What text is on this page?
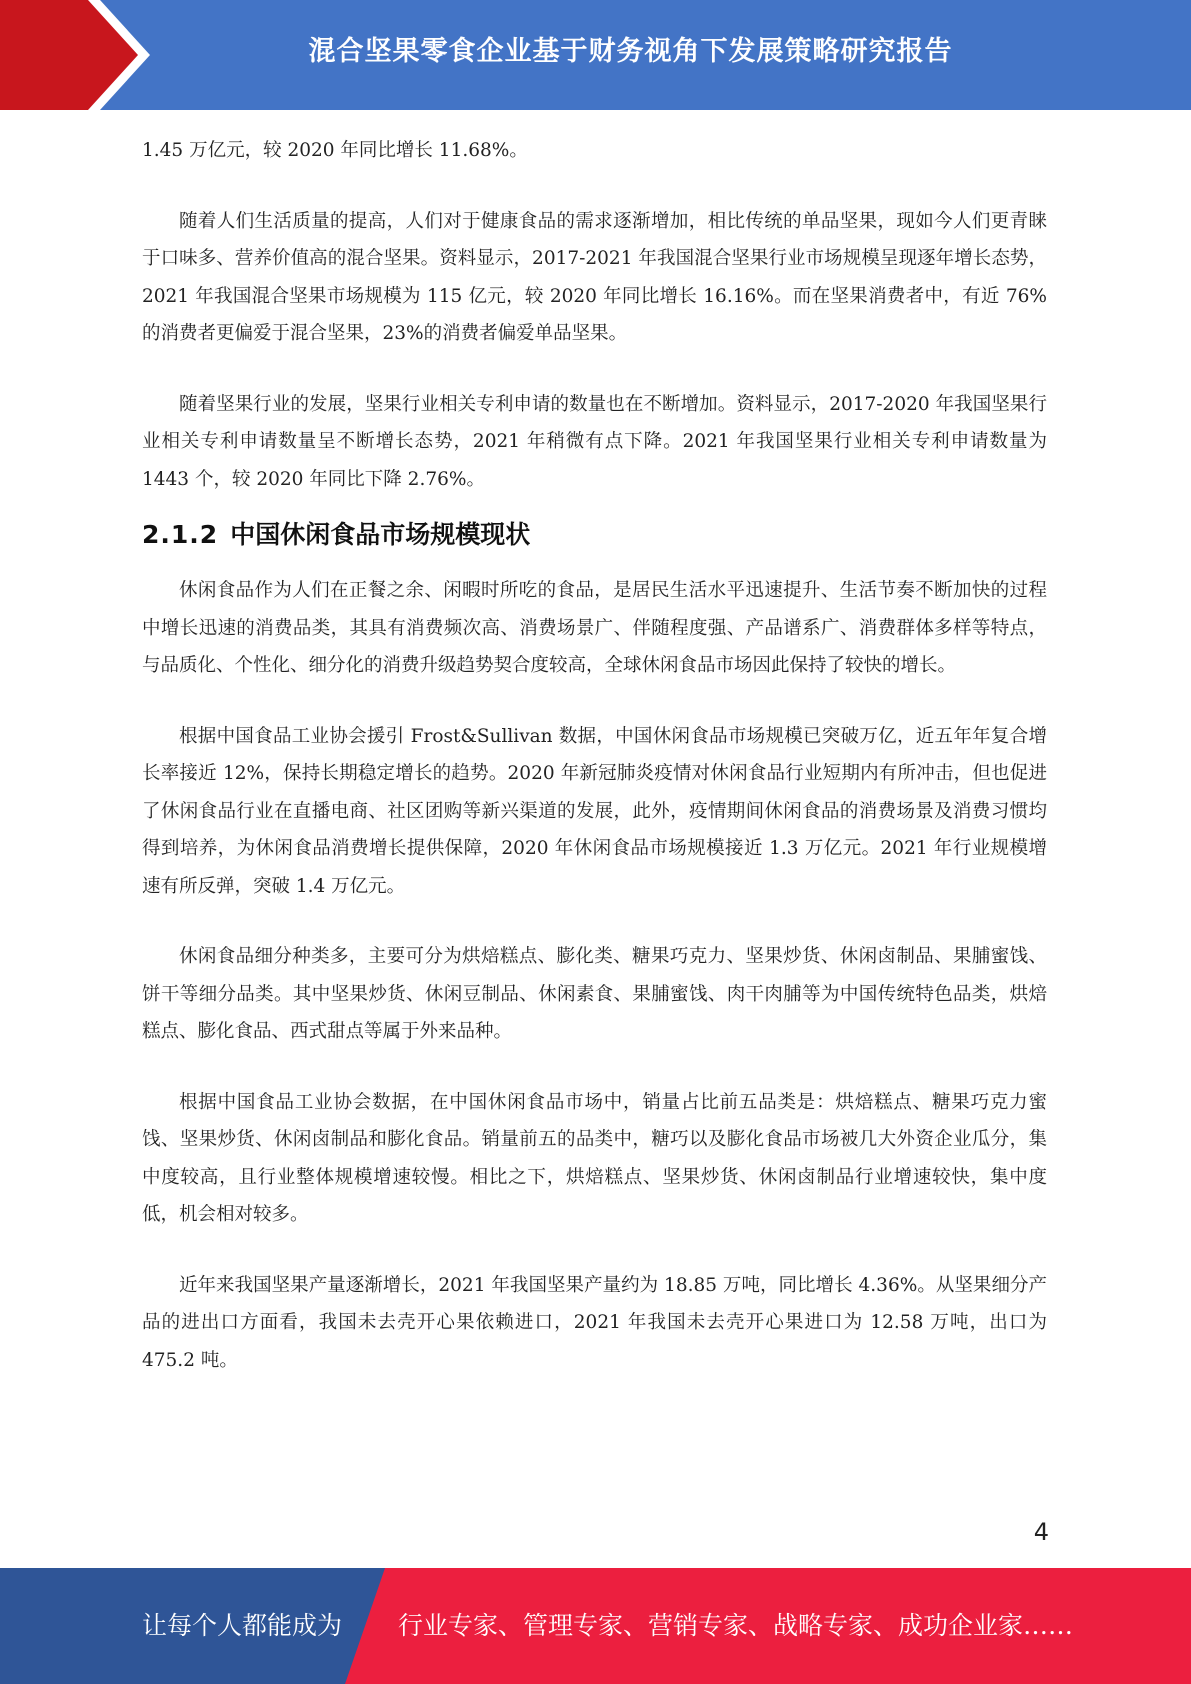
混合坚果零食企业基于财务视角下发展策略研究报告

1.45 万亿元，较 2020 年同比增长 11.68%。

随着人们生活质量的提高，人们对于健康食品的需求逐渐增加，相比传统的单品坚果，现如今人们更青睐于口味多、营养价值高的混合坚果。资料显示，2017-2021 年我国混合坚果行业市场规模呈现逐年增长态势，2021 年我国混合坚果市场规模为 115 亿元，较 2020 年同比增长 16.16%。而在坚果消费者中，有近 76%的消费者更偏爱于混合坚果，23%的消费者偏爱单品坚果。

随着坚果行业的发展，坚果行业相关专利申请的数量也在不断增加。资料显示，2017-2020 年我国坚果行业相关专利申请数量呈不断增长态势，2021 年稍微有点下降。2021 年我国坚果行业相关专利申请数量为 1443 个，较 2020 年同比下降 2.76%。

2.1.2 中国休闲食品市场规模现状

休闲食品作为人们在正餐之余、闲暇时所吃的食品，是居民生活水平迅速提升、生活节奏不断加快的过程中增长迅速的消费品类，其具有消费频次高、消费场景广、伴随程度强、产品谱系广、消费群体多样等特点，与品质化、个性化、细分化的消费升级趋势契合度较高，全球休闲食品市场因此保持了较快的增长。

根据中国食品工业协会援引 Frost&Sullivan 数据，中国休闲食品市场规模已突破万亿，近五年年复合增长率接近 12%，保持长期稳定增长的趋势。2020 年新冠肺炎疫情对休闲食品行业短期内有所冲击，但也促进了休闲食品行业在直播电商、社区团购等新兴渠道的发展，此外，疫情期间休闲食品的消费场景及消费习惯均得到培养，为休闲食品消费增长提供保障，2020 年休闲食品市场规模接近 1.3 万亿元。2021 年行业规模增速有所反弹，突破 1.4 万亿元。

休闲食品细分种类多，主要可分为烘焙糕点、膨化类、糖果巧克力、坚果炒货、休闲卤制品、果脯蜜饯、饼干等细分品类。其中坚果炒货、休闲豆制品、休闲素食、果脯蜜饯、肉干肉脯等为中国传统特色品类，烘焙糕点、膨化食品、西式甜点等属于外来品种。

根据中国食品工业协会数据，在中国休闲食品市场中，销量占比前五品类是：烘焙糕点、糖果巧克力蜜饯、坚果炒货、休闲卤制品和膨化食品。销量前五的品类中，糖巧以及膨化食品市场被几大外资企业瓜分，集中度较高，且行业整体规模增速较慢。相比之下，烘焙糕点、坚果炒货、休闲卤制品行业增速较快，集中度低，机会相对较多。

近年来我国坚果产量逐渐增长，2021 年我国坚果产量约为 18.85 万吨，同比增长 4.36%。从坚果细分产品的进出口方面看，我国未去壳开心果依赖进口，2021 年我国未去壳开心果进口为 12.58 万吨，出口为 475.2 吨。

4
让每个人都能成为 行业专家、管理专家、营销专家、战略专家、成功企业家……
